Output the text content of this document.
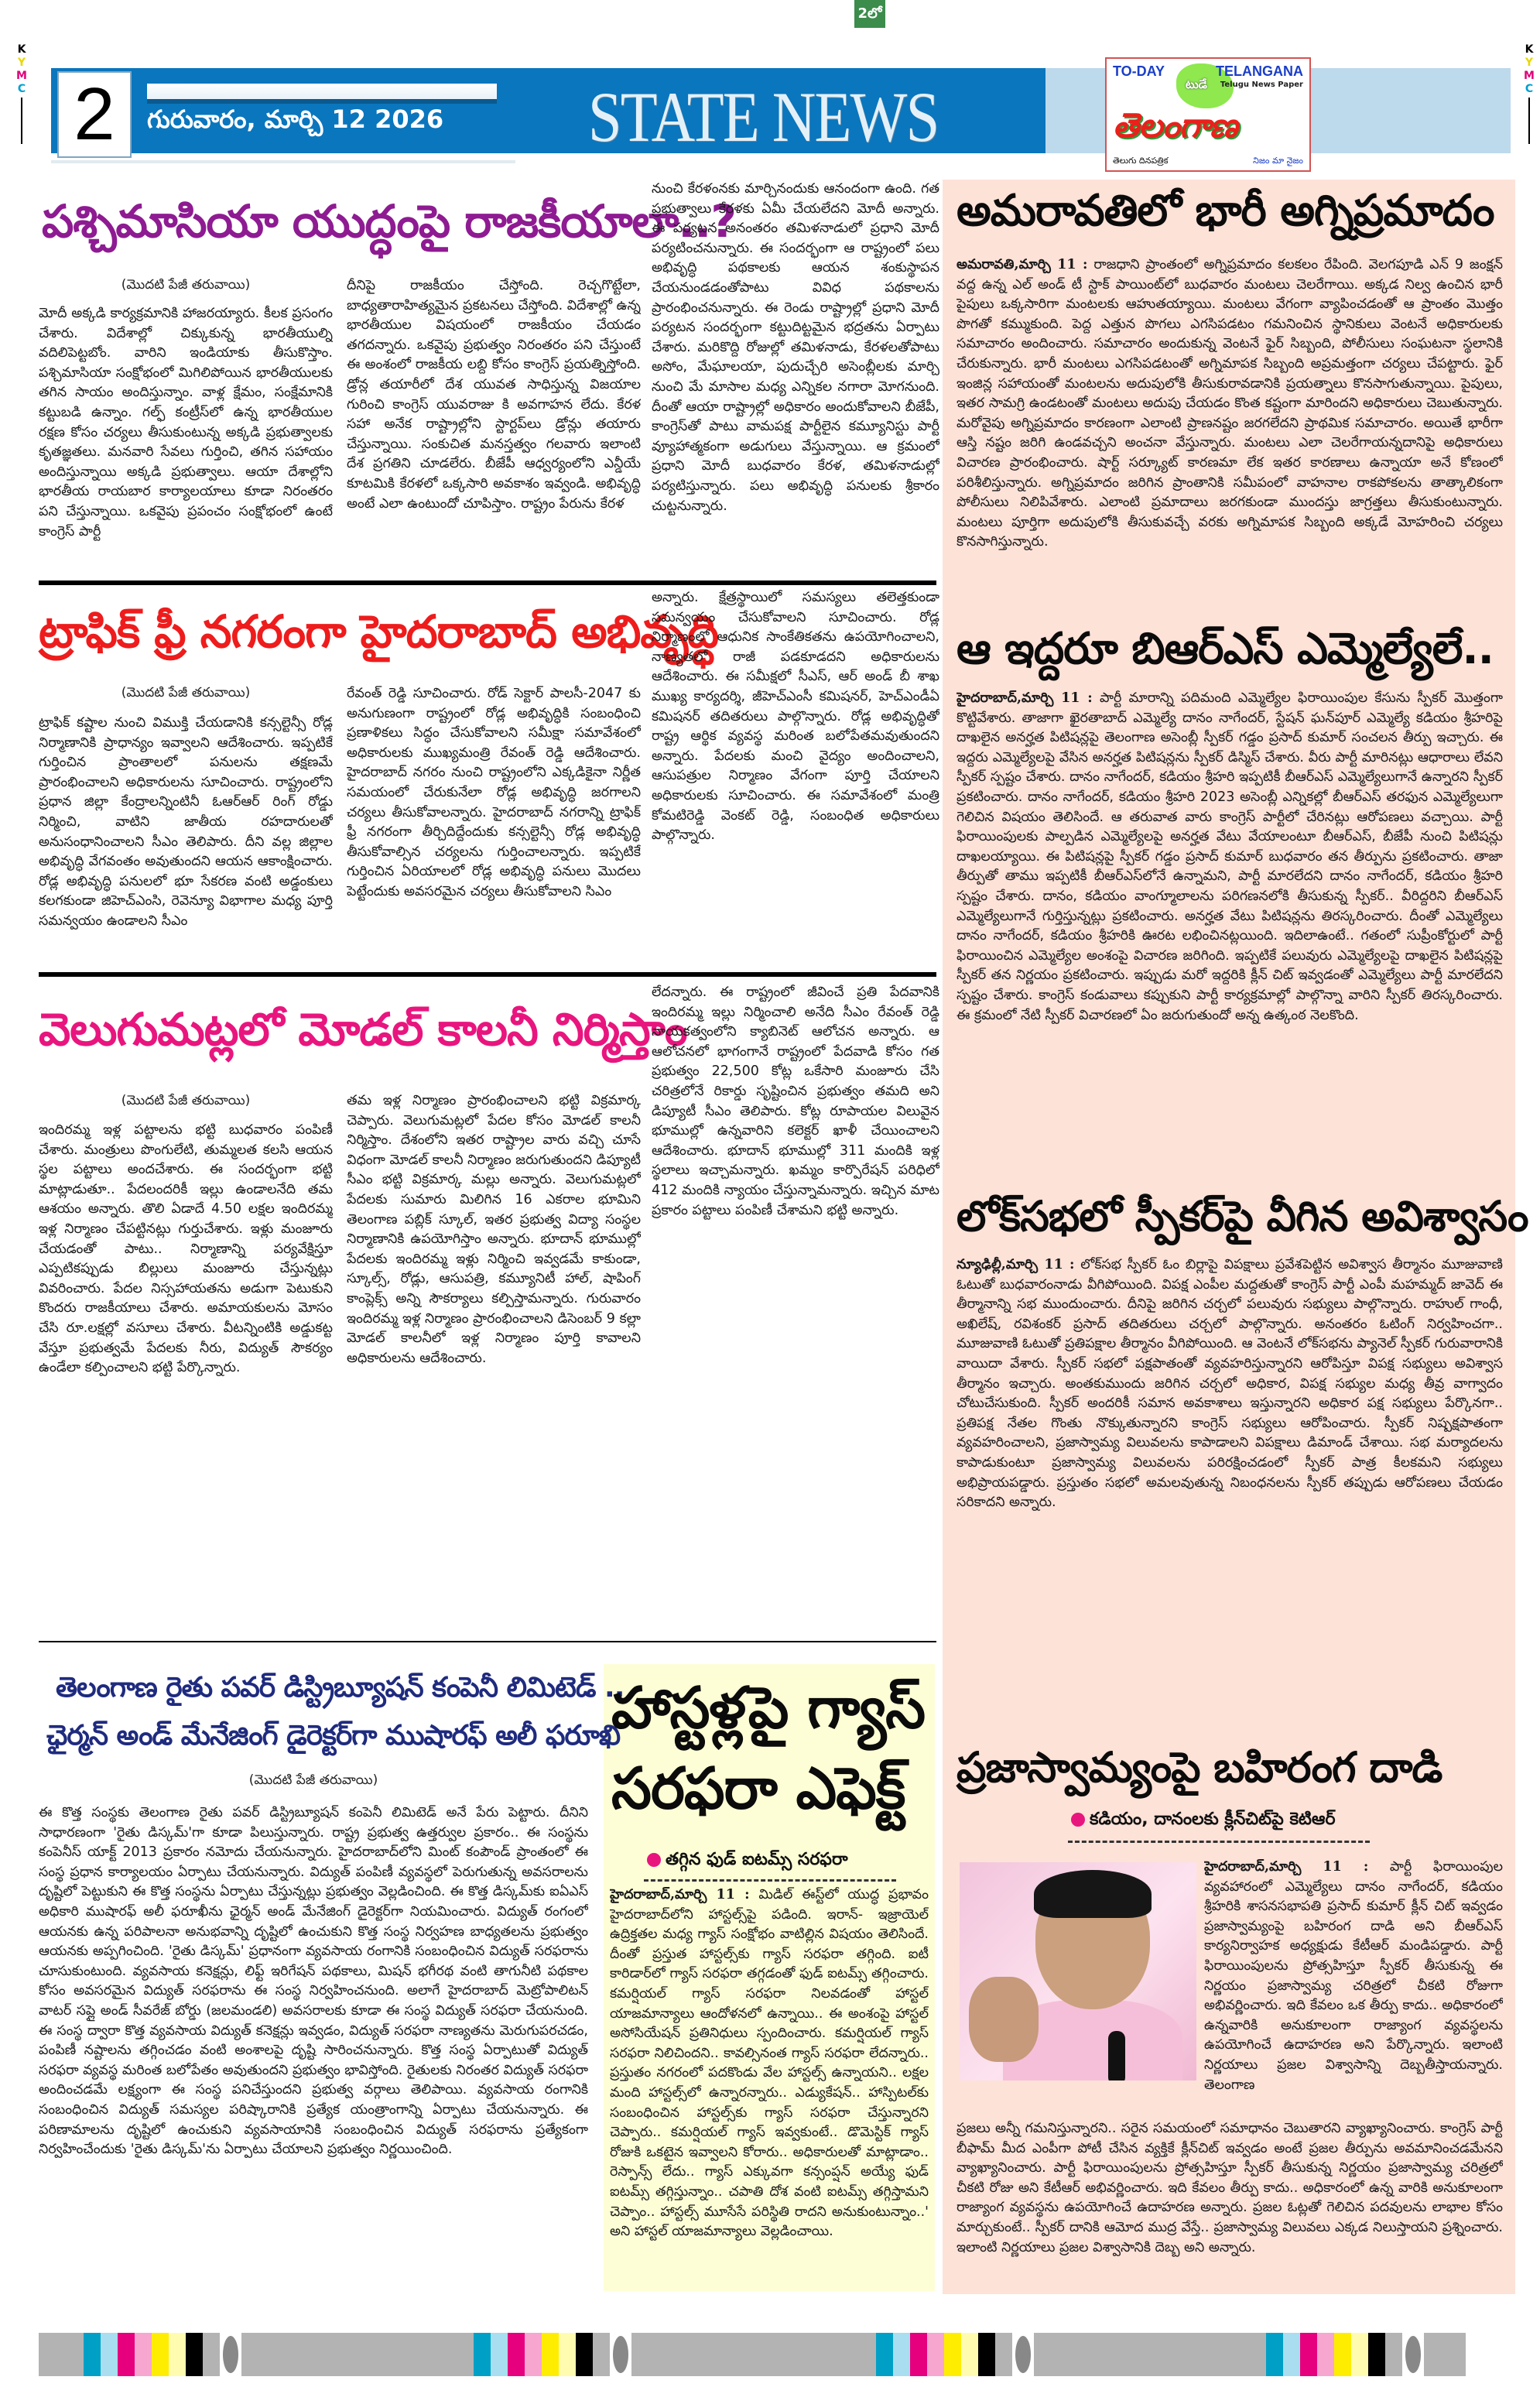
2లో
K
Y
M
C
K
Y
M
C
2	గురువారం, మార్చి 12 2026 STATE NEWS	టుడే
TO-DAY	TELANGANA
Telugu News Paper
తెలంగాణ
తెలుగు దినపత్రిక	నిజం మా నైజం
పశ్చిమాసియా యుద్ధంపై రాజకీయాలా..?
(మొదటి పేజీ తరువాయి)
మోదీ అక్కడి కార్యక్రమానికి హాజరయ్యారు. కీలక ప్రసంగం చేశారు. విదేశాల్లో చిక్కుకున్న భారతీయుల్ని వదిలిపెట్టబోం. వారిని ఇండియాకు తీసుకొస్తాం. పశ్చిమాసియా సంక్షోభంలో మిగిలిపోయిన భారతీయులకు తగిన సాయం అందిస్తున్నాం. వాళ్ల క్షేమం, సంక్షేమానికి కట్టుబడి ఉన్నాం. గల్ఫ్ కంట్రీస్‌లో ఉన్న భారతీయుల రక్షణ కోసం చర్యలు తీసుకుంటున్న అక్కడి ప్రభుత్వాలకు కృతజ్ఞతలు. మనవారి సేవలు గుర్తించి, తగిన సహాయం అందిస్తున్నాయి అక్కడి ప్రభుత్వాలు. ఆయా దేశాల్లోని భారతీయ రాయబార కార్యాలయాలు కూడా నిరంతరం పని చేస్తున్నాయి. ఒకవైపు ప్రపంచం సంక్షోభంలో ఉంటే కాంగ్రెస్ పార్టీ
దీనిపై రాజకీయం చేస్తోంది. రెచ్చగొట్టేలా, బాధ్యతారాహిత్యమైన ప్రకటనలు చేస్తోంది. విదేశాల్లో ఉన్న భారతీయుల విషయంలో రాజకీయం చేయడం తగదన్నారు. ఒకవైపు ప్రభుత్వం నిరంతరం పని చేస్తుంటే ఈ అంశంలో రాజకీయ లబ్ది కోసం కాంగ్రెస్ ప్రయత్నిస్తోంది. డ్రోన్ల తయారీలో దేశ యువత సాధిస్తున్న విజయాల గురించి కాంగ్రెస్ యువరాజు కి అవగాహన లేదు. కేరళ సహా అనేక రాష్ట్రాల్లోని స్టార్టప్‌లు డ్రోన్లు తయారు చేస్తున్నాయి. సంకుచిత మనస్తత్వం గలవారు ఇలాంటి దేశ ప్రగతిని చూడలేరు. బీజేపీ ఆధ్వర్యంలోని ఎన్డీయే కూటమికి కేరళలో ఒక్కసారి అవకాశం ఇవ్వండి. అభివృద్ధి అంటే ఎలా ఉంటుందో చూపిస్తాం. రాష్ట్రం పేరును కేరళ
నుంచి కేరళంనకు మార్చినందుకు ఆనందంగా ఉంది. గత ప్రభుత్వాలు కేరళకు ఏమీ చేయలేదని మోదీ అన్నారు. ఈ పర్యటన అనంతరం తమిళనాడులో ప్రధాని మోదీ పర్యటించనున్నారు. ఈ సందర్భంగా ఆ రాష్ట్రంలో పలు అభివృద్ధి పథకాలకు ఆయన శంకుస్థాపన చేయనుండడంతోపాటు వివిధ పథకాలను ప్రారంభించనున్నారు. ఈ రెండు రాష్ట్రాల్లో ప్రధాని మోదీ పర్యటన సందర్భంగా కట్టుదిట్టమైన భద్రతను ఏర్పాటు చేశారు. మరికొద్ది రోజుల్లో తమిళనాడు, కేరళలతోపాటు అసోం, మేఘాలయా, పుదుచ్చేరి అసెంబ్లీలకు మార్చి నుంచి మే మాసాల మధ్య ఎన్నికల నగారా మోగనుంది. దీంతో ఆయా రాష్ట్రాల్లో అధికారం అందుకోవాలని బీజేపీ, కాంగ్రెస్‌తో పాటు వామపక్ష పార్టీలైన కమ్యూనిస్టు పార్టీ వ్యూహాత్మకంగా అడుగులు వేస్తున్నాయి. ఆ క్రమంలో ప్రధాని మోదీ బుధవారం కేరళ, తమిళనాడుల్లో పర్యటిస్తున్నారు. పలు అభివృద్ధి పనులకు శ్రీకారం చుట్టనున్నారు.
ట్రాఫిక్ ఫ్రీ నగరంగా హైదరాబాద్ అభివృద్ధి
(మొదటి పేజీ తరువాయి)
ట్రాఫిక్ కష్టాల నుంచి విముక్తి చేయడానికి కన్సల్టెన్సీ రోడ్ల నిర్మాణానికి ప్రాధాన్యం ఇవ్వాలని ఆదేశించారు. ఇప్పటికే గుర్తించిన ప్రాంతాలలో పనులను తక్షణమే ప్రారంభించాలని అధికారులను సూచించారు. రాష్ట్రంలోని ప్రధాన జిల్లా కేంద్రాలన్నింటినీ ఓఆర్ఆర్ రింగ్ రోడ్డు నిర్మించి, వాటిని జాతీయ రహదారులతో అనుసంధానించాలని సీఎం తెలిపారు. దీని వల్ల జిల్లాల అభివృద్ధి వేగవంతం అవుతుందని ఆయన ఆకాంక్షించారు. రోడ్ల అభివృద్ధి పనులలో భూ సేకరణ వంటి అడ్డంకులు కలగకుండా జిహెచ్ఎంసి, రెవెన్యూ విభాగాల మధ్య పూర్తి సమన్వయం ఉండాలని సీఎం
రేవంత్ రెడ్డి సూచించారు. రోడ్ సెక్టార్ పాలసీ-2047 కు అనుగుణంగా రాష్ట్రంలో రోడ్ల అభివృద్ధికి సంబంధించి ప్రణాళికలు సిద్ధం చేసుకోవాలని సమీక్షా సమావేశంలో అధికారులకు ముఖ్యమంత్రి రేవంత్ రెడ్డి ఆదేశించారు. హైదరాబాద్ నగరం నుంచి రాష్ట్రంలోని ఎక్కడికైనా నిర్ణీత సమయంలో చేరుకునేలా రోడ్ల అభివృద్ధి జరగాలని చర్యలు తీసుకోవాలన్నారు. హైదరాబాద్ నగరాన్ని ట్రాఫిక్ ఫ్రీ నగరంగా తీర్చిదిద్దేందుకు కన్సల్టెన్సీ రోడ్ల అభివృద్ధి తీసుకోవాల్సిన చర్యలను గుర్తించాలన్నారు. ఇప్పటికే గుర్తించిన ఏరియాలలో రోడ్ల అభివృద్ధి పనులు మొదలు పెట్టేందుకు అవసరమైన చర్యలు తీసుకోవాలని సిఎం
అన్నారు. క్షేత్రస్థాయిలో సమస్యలు తలెత్తకుండా సమన్వయం చేసుకోవాలని సూచించారు. రోడ్ల నిర్మాణంలో ఆధునిక సాంకేతికతను ఉపయోగించాలని, నాణ్యతలో రాజీ పడకూడదని అధికారులను ఆదేశించారు. ఈ సమీక్షలో సీఎస్, ఆర్ అండ్ బీ శాఖ ముఖ్య కార్యదర్శి, జీహెచ్ఎంసీ కమిషనర్, హెచ్ఎండీఏ కమిషనర్ తదితరులు పాల్గొన్నారు. రోడ్ల అభివృద్ధితో రాష్ట్ర ఆర్థిక వ్యవస్థ మరింత బలోపేతమవుతుందని అన్నారు. పేదలకు మంచి వైద్యం అందించాలని, ఆసుపత్రుల నిర్మాణం వేగంగా పూర్తి చేయాలని అధికారులకు సూచించారు. ఈ సమావేశంలో మంత్రి కోమటిరెడ్డి వెంకట్ రెడ్డి, సంబంధిత అధికారులు పాల్గొన్నారు.
వెలుగుమట్లలో మోడల్ కాలనీ నిర్మిస్తాం
(మొదటి పేజీ తరువాయి)
ఇందిరమ్మ ఇళ్ల పట్టాలను భట్టి బుధవారం పంపిణీ చేశారు. మంత్రులు పొంగులేటి, తుమ్మలత కలసి ఆయన స్థల పట్టాలు అందచేశారు. ఈ సందర్భంగా భట్టి మాట్లాడుతూ.. పేదలందరికీ ఇల్లు ఉండాలనేది తమ ఆశయం అన్నారు. తొలి ఏడాదే 4.50 లక్షల ఇందిరమ్మ ఇళ్ల నిర్మాణం చేపట్టినట్లు గుర్తుచేశారు. ఇళ్లు మంజూరు చేయడంతో పాటు.. నిర్మాణాన్ని పర్యవేక్షిస్తూ ఎప్పటికప్పుడు బిల్లులు మంజూరు చేస్తున్నట్లు వివరించారు. పేదల నిస్సహాయతను అడుగా పెటుకుని కొందరు రాజకీయాలు చేశారు. అమాయకులను మోసం చేసి రూ.లక్షల్లో వసూలు చేశారు. వీటన్నింటికి అడ్డుకట్ట వేస్తూ ప్రభుత్వమే పేదలకు నీరు, విద్యుత్ సౌకర్యం ఉండేలా కల్పించాలని భట్టి పేర్కొన్నారు.
తమ ఇళ్ల నిర్మాణం ప్రారంభించాలని భట్టి విక్రమార్క చెప్పారు. వెలుగుమట్లలో పేదల కోసం మోడల్ కాలనీ నిర్మిస్తాం. దేశంలోని ఇతర రాష్ట్రాల వారు వచ్చి చూసే విధంగా మోడల్ కాలనీ నిర్మాణం జరుగుతుందని డిప్యూటీ సీఎం భట్టి విక్రమార్క మల్లు అన్నారు. వెలుగుమట్లలో పేదలకు సుమారు మిలిగిన 16 ఎకరాల భూమిని తెలంగాణ పబ్లిక్ స్కూల్, ఇతర ప్రభుత్వ విద్యా సంస్థల నిర్మాణానికి ఉపయోగిస్తాం అన్నారు. భూదాన్ భూముల్లో పేదలకు ఇందిరమ్మ ఇళ్లు నిర్మించి ఇవ్వడమే కాకుండా, స్కూల్స్, రోడ్లు, ఆసుపత్రి, కమ్యూనిటీ హాల్, షాపింగ్ కాంప్లెక్స్ అన్ని సౌకర్యాలు కల్పిస్తామన్నారు. గురువారం ఇందిరమ్మ ఇళ్ల నిర్మాణం ప్రారంభించాలని డిసెంబర్ 9 కల్లా మోడల్ కాలనీలో ఇళ్ల నిర్మాణం పూర్తి కావాలని అధికారులను ఆదేశించారు.
లేదన్నారు. ఈ రాష్ట్రంలో జీవించే ప్రతి పేదవానికి ఇందిరమ్మ ఇల్లు నిర్మించాలి అనేది సీఎం రేవంత్ రెడ్డి నాయకత్వంలోని క్యాబినెట్ ఆలోచన అన్నారు. ఆ ఆలోచనలో భాగంగానే రాష్ట్రంలో పేదవాడి కోసం గత ప్రభుత్వం 22,500 కోట్ల ఒకేసారి మంజూరు చేసి చరిత్రలోనే రికార్డు సృష్టించిన ప్రభుత్వం తమది అని డిప్యూటీ సీఎం తెలిపారు. కోట్ల రూపాయల విలువైన భూముల్లో ఉన్నవారిని కలెక్టర్ ఖాళీ చేయించాలని ఆదేశించారు. భూదాన్ భూముల్లో 311 మందికి ఇళ్ల స్థలాలు ఇచ్చామన్నారు. ఖమ్మం కార్పొరేషన్ పరిధిలో 412 మందికి న్యాయం చేస్తున్నామన్నారు. ఇచ్చిన మాట ప్రకారం పట్టాలు పంపిణీ చేశామని భట్టి అన్నారు.
తెలంగాణ రైతు పవర్ డిస్ట్రిబ్యూషన్ కంపెనీ లిమిటెడ్ ..
ఛైర్మన్ అండ్ మేనేజింగ్ డైరెక్టర్‌గా ముషారఫ్ అలీ ఫరూఖి
(మొదటి పేజీ తరువాయి)
ఈ కొత్త సంస్థకు తెలంగాణ రైతు పవర్ డిస్ట్రిబ్యూషన్ కంపెనీ లిమిటెడ్ అనే పేరు పెట్టారు. దీనిని సాధారణంగా 'రైతు డిస్కమ్'గా కూడా పిలుస్తున్నారు. రాష్ట్ర ప్రభుత్వ ఉత్తర్వుల ప్రకారం.. ఈ సంస్థను కంపెనీస్ యాక్ట్ 2013 ప్రకారం నమోదు చేయనున్నారు. హైదరాబాద్‌లోని మింట్ కంపౌండ్ ప్రాంతంలో ఈ సంస్థ ప్రధాన కార్యాలయం ఏర్పాటు చేయనున్నారు. విద్యుత్ పంపిణీ వ్యవస్థలో పెరుగుతున్న అవసరాలను దృష్టిలో పెట్టుకుని ఈ కొత్త సంస్థను ఏర్పాటు చేస్తున్నట్లు ప్రభుత్వం వెల్లడించింది. ఈ కొత్త డిస్కమ్‌కు ఐఏఎస్ అధికారి ముషారఫ్ అలీ ఫరూఖీను ఛైర్మన్ అండ్ మేనేజింగ్ డైరెక్టర్‌గా నియమించారు. విద్యుత్ రంగంలో ఆయనకు ఉన్న పరిపాలనా అనుభవాన్ని దృష్టిలో ఉంచుకుని కొత్త సంస్థ నిర్వహణ బాధ్యతలను ప్రభుత్వం ఆయనకు అప్పగించింది. 'రైతు డిస్కమ్' ప్రధానంగా వ్యవసాయ రంగానికి సంబంధించిన విద్యుత్ సరఫరాను చూసుకుంటుంది. వ్యవసాయ కనెక్షన్లు, లిఫ్ట్ ఇరిగేషన్ పథకాలు, మిషన్ భగీరథ వంటి తాగునీటి పథకాల కోసం అవసరమైన విద్యుత్ సరఫరాను ఈ సంస్థ నిర్వహించనుంది. అలాగే హైదరాబాద్ మెట్రోపాలిటన్ వాటర్ సప్లై అండ్ సీవరేజ్ బోర్డు (జలమండలి) అవసరాలకు కూడా ఈ సంస్థ విద్యుత్ సరఫరా చేయనుంది. ఈ సంస్థ ద్వారా కొత్త వ్యవసాయ విద్యుత్ కనెక్షన్లు ఇవ్వడం, విద్యుత్ సరఫరా నాణ్యతను మెరుగుపరచడం, పంపిణీ నష్టాలను తగ్గించడం వంటి అంశాలపై దృష్టి సారించనున్నారు. కొత్త సంస్థ ఏర్పాటుతో విద్యుత్ సరఫరా వ్యవస్థ మరింత బలోపేతం అవుతుందని ప్రభుత్వం భావిస్తోంది. రైతులకు నిరంతర విద్యుత్ సరఫరా అందించడమే లక్ష్యంగా ఈ సంస్థ పనిచేస్తుందని ప్రభుత్వ వర్గాలు తెలిపాయి. వ్యవసాయ రంగానికి సంబంధించిన విద్యుత్ సమస్యల పరిష్కారానికి ప్రత్యేక యంత్రాంగాన్ని ఏర్పాటు చేయనున్నారు. ఈ పరిణామాలను దృష్టిలో ఉంచుకుని వ్యవసాయానికి సంబంధించిన విద్యుత్ సరఫరాను ప్రత్యేకంగా నిర్వహించేందుకు 'రైతు డిస్కమ్'ను ఏర్పాటు చేయాలని ప్రభుత్వం నిర్ణయించింది.
హాస్టళ్లపై గ్యాస్
సరఫరా ఎఫెక్ట్
తగ్గిన ఫుడ్ ఐటమ్స్ సరఫరా
హైదరాబాద్,మార్చి 11 : మిడిల్ ఈస్ట్‌లో యుద్ధ ప్రభావం హైదరాబాద్‌లోని హాస్టల్స్‌పై పడింది. ఇరాన్- ఇజ్రాయెల్ ఉద్రిక్తతల మధ్య గ్యాస్ సంక్షోభం వాటిల్లిన విషయం తెలిసిందే. దీంతో ప్రస్తుత హాస్టల్స్‌కు గ్యాస్ సరఫరా తగ్గింది. ఐటీ కారిడార్‌లో గ్యాస్ సరఫరా తగ్గడంతో ఫుడ్ ఐటమ్స్ తగ్గించారు. కమర్షియల్ గ్యాస్ సరఫరా నిలవడంతో హాస్టల్ యాజమాన్యాలు ఆందోళనలో ఉన్నాయి.. ఈ అంశంపై హాస్టల్ అసోసియేషన్ ప్రతినిధులు స్పందించారు. కమర్షియల్ గ్యాస్ సరఫరా నిలిచిందని.. కావల్సినంత గ్యాస్ సరఫరా లేదన్నారు.. ప్రస్తుతం నగరంలో పదకొండు వేల హాస్టల్స్ ఉన్నాయని.. లక్షల మంది హాస్టల్స్‌లో ఉన్నారన్నారు.. ఎడ్యుకేషన్.. హాస్పిటల్‌కు సంబంధించిన హాస్టల్స్‌కు గ్యాస్ సరఫరా చేస్తున్నారని చెప్పారు.. కమర్షియల్ గ్యాస్ ఇవ్వకుంటే.. డొమెస్టిక్ గ్యాస్ రోజుకి ఒకటైన ఇవ్వాలని కోరారు.. అధికారులతో మాట్లాడాం.. రెస్పాన్స్ లేదు.. గ్యాస్ ఎక్కువగా కన్సంప్షన్ అయ్యే ఫుడ్ ఐటమ్స్ తగ్గిస్తున్నాం.. చపాతి దోశ వంటి ఐటమ్స్ తగ్గిస్తామని చెప్పాం.. హాస్టల్స్ మూసేసే పరిస్థితి రాదని అనుకుంటున్నాం..' అని హాస్టల్ యాజమాన్యాలు వెల్లడించాయి.
అమరావతిలో భారీ అగ్నిప్రమాదం
అమరావతి,మార్చి 11 : రాజధాని ప్రాంతంలో అగ్నిప్రమాదం కలకలం రేపింది. వెలగపూడి ఎన్ 9 జంక్షన్ వద్ద ఉన్న ఎల్ అండ్ టీ స్టాక్ పాయింట్‌లో బుధవారం మంటలు చెలరేగాయి. అక్కడ నిల్వ ఉంచిన భారీ పైపులు ఒక్కసారిగా మంటలకు ఆహుతయ్యాయి. మంటలు వేగంగా వ్యాపించడంతో ఆ ప్రాంతం మొత్తం పొగతో కమ్ముకుంది. పెద్ద ఎత్తున పొగలు ఎగసిపడటం గమనించిన స్థానికులు వెంటనే అధికారులకు సమాచారం అందించారు. సమాచారం అందుకున్న వెంటనే ఫైర్ సిబ్బంది, పోలీసులు సంఘటనా స్థలానికి చేరుకున్నారు. భారీ మంటలు ఎగసిపడటంతో అగ్నిమాపక సిబ్బంది అప్రమత్తంగా చర్యలు చేపట్టారు. ఫైర్ ఇంజిన్ల సహాయంతో మంటలను అదుపులోకి తీసుకురావడానికి ప్రయత్నాలు కొనసాగుతున్నాయి. పైపులు, ఇతర సామగ్రి ఉండటంతో మంటలు అదుపు చేయడం కొంత కష్టంగా మారిందని అధికారులు చెబుతున్నారు. మరోవైపు అగ్నిప్రమాదం కారణంగా ఎలాంటి ప్రాణనష్టం జరగలేదని ప్రాథమిక సమాచారం. అయితే భారీగా ఆస్తి నష్టం జరిగి ఉండవచ్చని అంచనా వేస్తున్నారు. మంటలు ఎలా చెలరేగాయన్నదానిపై అధికారులు విచారణ ప్రారంభించారు. షార్ట్ సర్క్యూట్ కారణమా లేక ఇతర కారణాలు ఉన్నాయా అనే కోణంలో పరిశీలిస్తున్నారు. అగ్నిప్రమాదం జరిగిన ప్రాంతానికి సమీపంలో వాహనాల రాకపోకలను తాత్కాలికంగా పోలీసులు నిలిపివేశారు. ఎలాంటి ప్రమాదాలు జరగకుండా ముందస్తు జాగ్రత్తలు తీసుకుంటున్నారు. మంటలు పూర్తిగా అదుపులోకి తీసుకువచ్చే వరకు అగ్నిమాపక సిబ్బంది అక్కడే మోహరించి చర్యలు కొనసాగిస్తున్నారు.
ఆ ఇద్దరూ బిఆర్ఎస్ ఎమ్మెల్యేలే..
హైదరాబాద్,మార్చి 11 : పార్టీ మారాన్ని పదిమంది ఎమ్మెల్యేల ఫిరాయింపుల కేసును స్పీకర్ మొత్తంగా కొట్టివేశారు. తాజాగా ఖైరతాబాద్ ఎమ్మెల్యే దానం నాగేందర్, స్టేషన్ ఘన్‌పూర్ ఎమ్మెల్యే కడియం శ్రీహరిపై దాఖలైన అనర్హత పిటిషన్లపై తెలంగాణ అసెంబ్లీ స్పీకర్ గడ్డం ప్రసాద్ కుమార్ సంచలన తీర్పు ఇచ్చారు. ఈ ఇద్దరు ఎమ్మెల్యేలపై వేసిన అనర్హత పిటిషన్లను స్పీకర్ డిస్మిస్ చేశారు. వీరు పార్టీ మారినట్లు ఆధారాలు లేవని స్పీకర్ స్పష్టం చేశారు. దానం నాగేందర్, కడియం శ్రీహరి ఇప్పటికీ బీఆర్ఎస్ ఎమ్మెల్యేలుగానే ఉన్నారని స్పీకర్ ప్రకటించారు. దానం నాగేందర్, కడియం శ్రీహరి 2023 అసెంబ్లీ ఎన్నికల్లో బీఆర్ఎస్ తరఫున ఎమ్మెల్యేలుగా గెలిచిన విషయం తెలిసిందే. ఆ తరువాత వారు కాంగ్రెస్ పార్టీలో చేరినట్లు ఆరోపణలు వచ్చాయి. పార్టీ ఫిరాయింపులకు పాల్పడిన ఎమ్మెల్యేలపై అనర్హత వేటు వేయాలంటూ బీఆర్ఎస్, బీజేపీ నుంచి పిటిషన్లు దాఖలయ్యాయి. ఈ పిటిషన్లపై స్పీకర్ గడ్డం ప్రసాద్ కుమార్ బుధవారం తన తీర్పును ప్రకటించారు. తాజా తీర్పుతో తాము ఇప్పటికీ బీఆర్ఎస్‌లోనే ఉన్నామని, పార్టీ మారలేదని దానం నాగేందర్, కడియం శ్రీహరి స్పష్టం చేశారు. దానం, కడియం వాంగ్మూలాలను పరిగణనలోకి తీసుకున్న స్పీకర్.. వీరిద్దరిని బీఆర్ఎస్ ఎమ్మెల్యేలుగానే గుర్తిస్తున్నట్లు ప్రకటించారు. అనర్హత వేటు పిటిషన్లను తిరస్కరించారు. దీంతో ఎమ్మెల్యేలు దానం నాగేందర్, కడియం శ్రీహరికి ఊరట లభించినట్లయింది. ఇదిలాఉంటే.. గతంలో సుప్రీంకోర్టులో పార్టీ ఫిరాయించిన ఎమ్మెల్యేల అంశంపై విచారణ జరిగింది. ఇప్పటికే పలువురు ఎమ్మెల్యేలపై దాఖలైన పిటిషన్లపై స్పీకర్ తన నిర్ణయం ప్రకటించారు. ఇప్పుడు మరో ఇద్దరికి క్లీన్ చిట్ ఇవ్వడంతో ఎమ్మెల్యేలు పార్టీ మారలేదని స్పష్టం చేశారు. కాంగ్రెస్ కండువాలు కప్పుకుని పార్టీ కార్యక్రమాల్లో పాల్గొన్నా వారిని స్పీకర్ తిరస్కరించారు. ఈ క్రమంలో నేటి స్పీకర్ విచారణలో ఏం జరుగుతుందో అన్న ఉత్కంఠ నెలకొంది.
లోక్‌సభలో స్పీకర్‌పై వీగిన అవిశ్వాసం
న్యూఢిల్లీ,మార్చి 11 : లోక్‌సభ స్పీకర్ ఓం బిర్లాపై విపక్షాలు ప్రవేశపెట్టిన అవిశ్వాస తీర్మానం మూజువాణి ఓటుతో బుధవారంనాడు వీగిపోయింది. విపక్ష ఎంపీల మద్దతుతో కాంగ్రెస్ పార్టీ ఎంపీ మహమ్మద్ జావెద్ ఈ తీర్మానాన్ని సభ ముందుంచారు. దీనిపై జరిగిన చర్చలో పలువురు సభ్యులు పాల్గొన్నారు. రాహుల్ గాంధీ, అఖిలేష్, రవిశంకర్ ప్రసాద్ తదితరులు చర్చలో పాల్గొన్నారు. అనంతరం ఓటింగ్ నిర్వహించగా.. మూజువాణి ఓటుతో ప్రతిపక్షాల తీర్మానం వీగిపోయింది. ఆ వెంటనే లోక్‌సభను ప్యానెల్ స్పీకర్ గురువారానికి వాయిదా వేశారు. స్పీకర్ సభలో పక్షపాతంతో వ్యవహరిస్తున్నారని ఆరోపిస్తూ విపక్ష సభ్యులు అవిశ్వాస తీర్మానం ఇచ్చారు. అంతకుముందు జరిగిన చర్చలో అధికార, విపక్ష సభ్యుల మధ్య తీవ్ర వాగ్వాదం చోటుచేసుకుంది. స్పీకర్ అందరికీ సమాన అవకాశాలు ఇస్తున్నారని అధికార పక్ష సభ్యులు పేర్కొనగా.. ప్రతిపక్ష నేతల గొంతు నొక్కుతున్నారని కాంగ్రెస్ సభ్యులు ఆరోపించారు. స్పీకర్ నిష్పక్షపాతంగా వ్యవహరించాలని, ప్రజాస్వామ్య విలువలను కాపాడాలని విపక్షాలు డిమాండ్ చేశాయి. సభ మర్యాదలను కాపాడుకుంటూ ప్రజాస్వామ్య విలువలను పరిరక్షించడంలో స్పీకర్ పాత్ర కీలకమని సభ్యులు అభిప్రాయపడ్డారు. ప్రస్తుతం సభలో అమలవుతున్న నిబంధనలను స్పీకర్ తప్పుడు ఆరోపణలు చేయడం సరికాదని అన్నారు.
ప్రజాస్వామ్యంపై బహిరంగ దాడి
కడియం, దానంలకు క్లీన్‌చిట్‌పై కెటిఆర్
హైదరాబాద్,మార్చి 11 : పార్టీ ఫిరాయింపుల వ్యవహారంలో ఎమ్మెల్యేలు దానం నాగేందర్, కడియం శ్రీహరికి శాసనసభాపతి ప్రసాద్ కుమార్ క్లీన్ చిట్ ఇవ్వడం ప్రజాస్వామ్యంపై బహిరంగ దాడి అని బీఆర్ఎస్ కార్యనిర్వాహక అధ్యక్షుడు కేటీఆర్ మండిపడ్డారు. పార్టీ ఫిరాయింపులను ప్రోత్సహిస్తూ స్పీకర్ తీసుకున్న ఈ నిర్ణయం ప్రజాస్వామ్య చరిత్రలో చీకటి రోజుగా అభివర్ణించారు. ఇది కేవలం ఒక తీర్పు కాదు.. అధికారంలో ఉన్నవారికి అనుకూలంగా రాజ్యాంగ వ్యవస్థలను ఉపయోగించే ఉదాహరణ అని పేర్కొన్నారు. ఇలాంటి నిర్ణయాలు ప్రజల విశ్వాసాన్ని దెబ్బతీస్తాయన్నారు. తెలంగాణ
ప్రజలు అన్నీ గమనిస్తున్నారని.. సరైన సమయంలో సమాధానం చెబుతారని వ్యాఖ్యానించారు. కాంగ్రెస్ పార్టీ బీఫామ్ మీద ఎంపీగా పోటీ చేసిన వ్యక్తికే క్లీన్‌చిట్ ఇవ్వడం అంటే ప్రజల తీర్పును అవమానించడమేనని వ్యాఖ్యానించారు. పార్టీ ఫిరాయింపులను ప్రోత్సహిస్తూ స్పీకర్ తీసుకున్న నిర్ణయం ప్రజాస్వామ్య చరిత్రలో చీకటి రోజు అని కేటీఆర్ అభివర్ణించారు. ఇది కేవలం తీర్పు కాదు.. అధికారంలో ఉన్న వారికి అనుకూలంగా రాజ్యాంగ వ్యవస్థను ఉపయోగించే ఉదాహరణ అన్నారు. ప్రజల ఓట్లతో గెలిచిన పదవులను లాభాల కోసం మార్చుకుంటే.. స్పీకర్ దానికి ఆమోద ముద్ర వేస్తే.. ప్రజాస్వామ్య విలువలు ఎక్కడ నిలుస్తాయని ప్రశ్నించారు. ఇలాంటి నిర్ణయాలు ప్రజల విశ్వాసానికి దెబ్బ అని అన్నారు.
